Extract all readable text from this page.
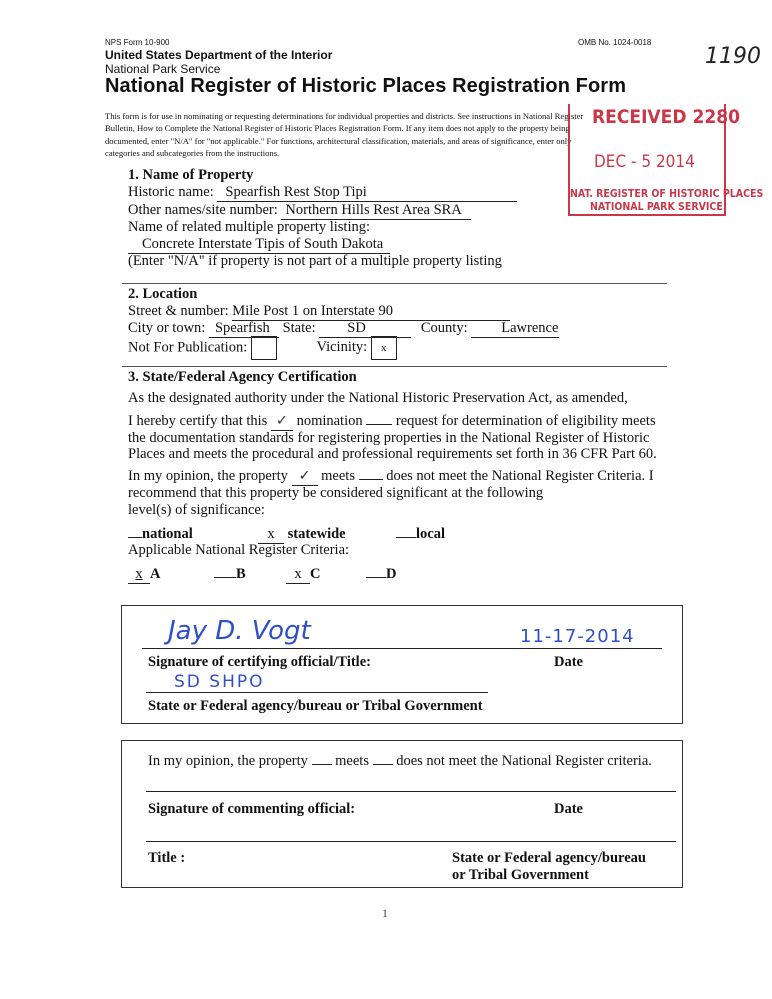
NPS Form 10-900	OMB No. 1024-0018
United States Department of the Interior
National Park Service
National Register of Historic Places Registration Form
1190
This form is for use in nominating or requesting determinations for individual properties and districts. See instructions in National Register
Bulletin, How to Complete the National Register of Historic Places Registration Form. If any item does not apply to the property being
documented, enter "N/A" for "not applicable." For functions, architectural classification, materials, and areas of significance, enter only
categories and subcategories from the instructions.
RECEIVED 2280
DEC - 5 2014
NAT. REGISTER OF HISTORIC PLACES
NATIONAL PARK SERVICE
1. Name of Property
Historic name: Spearfish Rest Stop Tipi
Other names/site number: Northern Hills Rest Area SRA
Name of related multiple property listing:
Concrete Interstate Tipis of South Dakota
(Enter "N/A" if property is not part of a multiple property listing
2. Location
Street & number: Mile Post 1 on Interstate 90
City or town: Spearfish State: SD	County: Lawrence
Not For Publication:	Vicinity: x
3. State/Federal Agency Certification
As the designated authority under the National Historic Preservation Act, as amended,
I hereby certify that this ✓ nomination request for determination of eligibility meets
the documentation standards for registering properties in the National Register of Historic
Places and meets the procedural and professional requirements set forth in 36 CFR Part 60.
In my opinion, the property ✓ meets does not meet the National Register Criteria. I
recommend that this property be considered significant at the following
level(s) of significance:
national	x statewide	local
Applicable National Register Criteria:
x A	B	x C	D
Jay D. Vogt	11-17-2014
Signature of certifying official/Title:	Date
SD SHPO
State or Federal agency/bureau or Tribal Government
In my opinion, the property meets does not meet the National Register criteria.
Signature of commenting official:	Date
Title :	State or Federal agency/bureau
or Tribal Government
1
